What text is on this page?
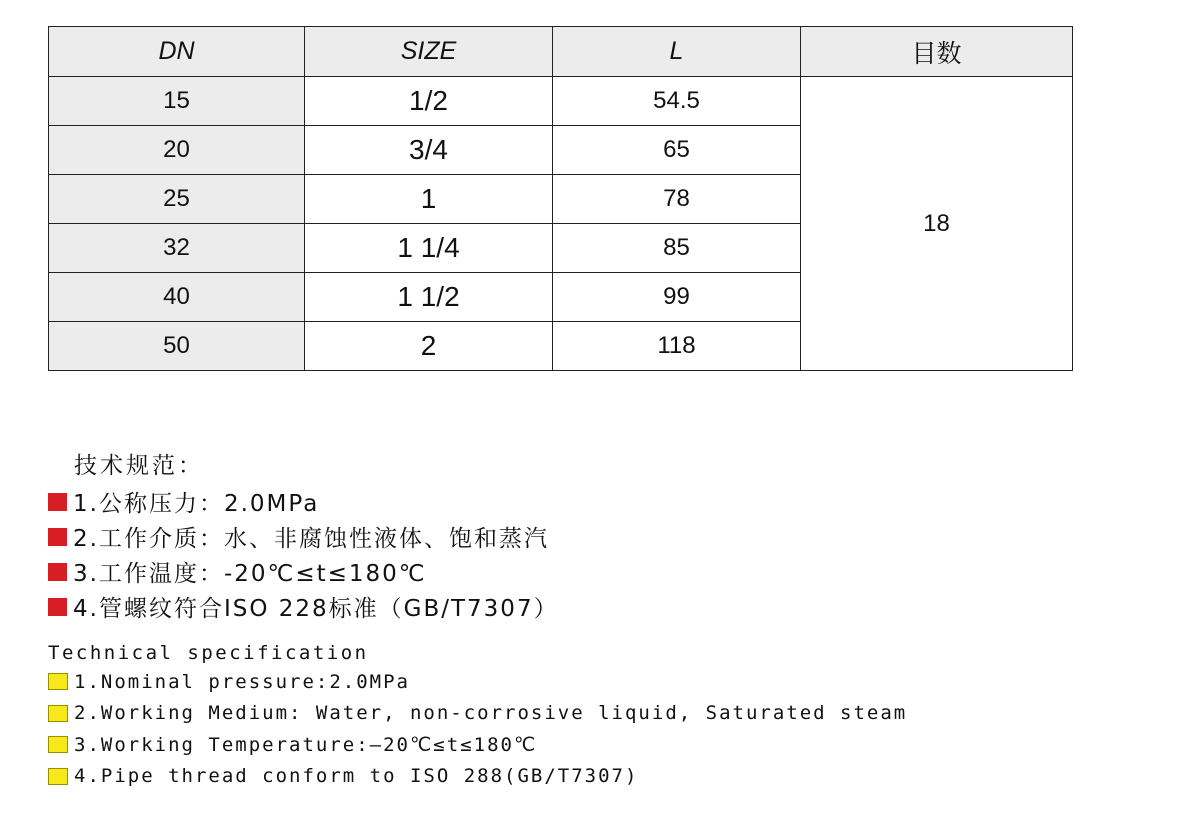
DN	SIZE	L	目数
15	1/2	54.5	18
20	3/4	65	
25	1	78	
32	1 1/4	85	
40	1 1/2	99	
50	2	118	
技术规范：
1.公称压力：2.0MPa
2.工作介质：水、非腐蚀性液体、饱和蒸汽
3.工作温度：-20℃≤t≤180℃
4.管螺纹符合ISO 228标准（GB/T7307）
Technical specification
1.Nominal pressure:2.0MPa
2.Working Medium: Water, non-corrosive liquid, Saturated steam
3.Working Temperature:—20℃≤t≤180℃
4.Pipe thread conform to ISO 288(GB/T7307)
